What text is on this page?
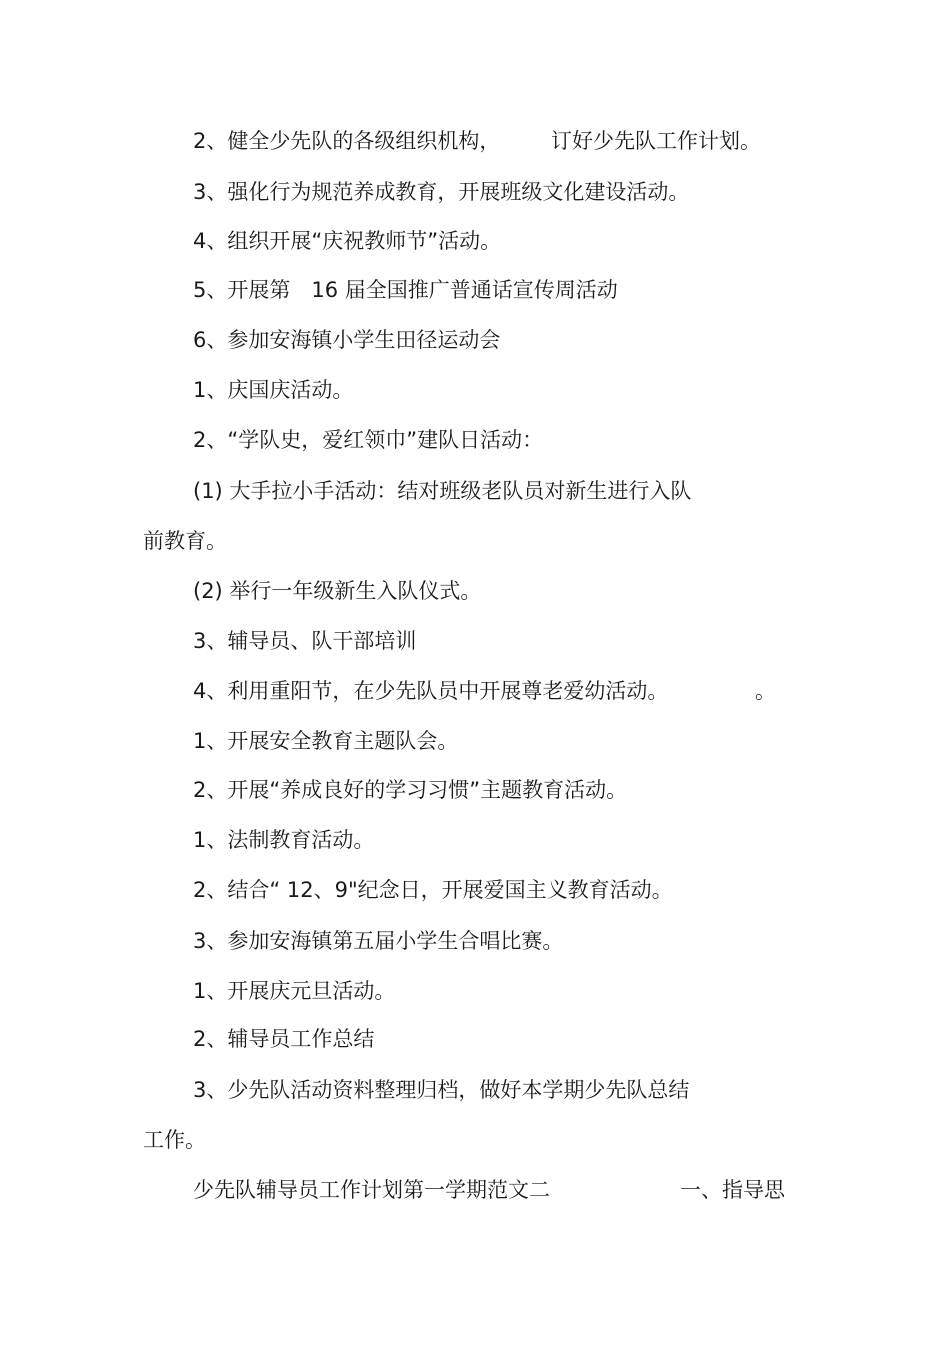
2、健全少先队的各级组织机构， 订好少先队工作计划。
3、强化行为规范养成教育，开展班级文化建设活动。
4、组织开展“庆祝教师节”活动。
5、开展第　16 届全国推广普通话宣传周活动
6、参加安海镇小学生田径运动会
1、庆国庆活动。
2、“学队史，爱红领巾”建队日活动：
(1) 大手拉小手活动：结对班级老队员对新生进行入队
前教育。
(2) 举行一年级新生入队仪式。
3、辅导员、队干部培训
4、利用重阳节，在少先队员中开展尊老爱幼活动。	。
1、开展安全教育主题队会。
2、开展“养成良好的学习习惯”主题教育活动。
1、法制教育活动。
2、结合“ 12、9"纪念日，开展爱国主义教育活动。
3、参加安海镇第五届小学生合唱比赛。
1、开展庆元旦活动。
2、辅导员工作总结
3、少先队活动资料整理归档，做好本学期少先队总结
工作。
少先队辅导员工作计划第一学期范文二	一、指导思
